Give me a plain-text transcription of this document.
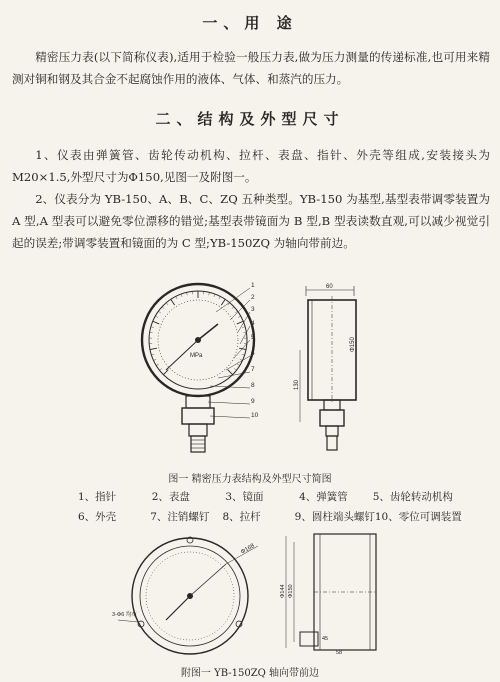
一、用 途
精密压力表(以下简称仪表),适用于检验一般压力表,做为压力测量的传递标准,也可用来精测对铜和钢及其合金不起腐蚀作用的液体、气体、和蒸汽的压力。
二、结构及外型尺寸
1、仪表由弹簧管、齿轮传动机构、拉杆、表盘、指针、外壳等组成,安装接头为M20×1.5,外型尺寸为Φ150,见图一及附图一。
2、仪表分为 YB-150、A、B、C、ZQ 五种类型。YB-150 为基型,基型表带调零装置为 A 型,A 型表可以避免零位漂移的错觉;基型表带镜面为 B 型,B 型表读数直观,可以减少视觉引起的误差;带调零装置和镜面的为 C 型;YB-150ZQ 为轴向带前边。
MPa
1
2
3
4
5
6
7
8
9
10
60
Φ150
130
图一 精密压力表结构及外型尺寸简图
1、指针	2、表盘	3、镜面	4、弹簧管	5、齿轮转动机构
6、外壳	7、注销螺钉	8、拉杆	9、圆柱端头螺钉 10、零位可调装置
Φ168
3-Φ6 均布
Φ144 Φ150
45
58
附图一 YB-150ZQ 轴向带前边
